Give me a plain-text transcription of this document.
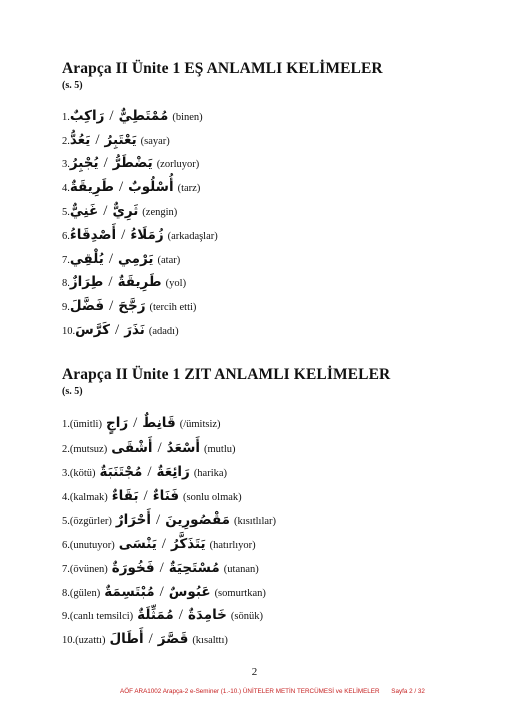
Arapça II Ünite 1 EŞ ANLAMLI KELİMELER
(s. 5)
1. رَاكِبٌ / مُمْتَطِيٌّ (binen)
2. يَعُدُّ / يَعْتَبِرُ (sayar)
3. يُجْبِرُ / يَضْطَرُّ (zorluyor)
4. طَرِيقَةٌ / أُسْلُوبٌ (tarz)
5. غَنِيٌّ / ثَرِيٌّ (zengin)
6. أَصْدِقَاءُ / زُمَلَاءُ (arkadaşlar)
7. يُلْقِي / يَرْمِي (atar)
8. طِرَازٌ / طَرِيقَةٌ (yol)
9. فَضَّلَ / رَجَّحَ (tercih etti)
10. كَرَّسَ / نَذَرَ (adadı)
Arapça II Ünite 1 ZIT ANLAMLI KELİMELER
(s. 5)
1. (ümitli) رَاجٍ / قَانِطٌ (/ümitsiz)
2. (mutsuz) أَشْقَى / أَسْعَدُ (mutlu)
3. (kötü) مُجْتَنَبَةٌ / رَائِعَةٌ (harika)
4. (kalmak) بَقَاءٌ / فَنَاءٌ (sonlu olmak)
5. (özgürler) أَحْرَارٌ / مَقْصُورِينَ (kısıtlılar)
6. (unutuyor) يَنْسَى / يَتَذَكَّرُ (hatırlıyor)
7. (övünen) فَخُورَةٌ / مُسْتَحِيَةٌ (utanan)
8. (gülen) مُبْتَسِمَةٌ / عَبُوسٌ (somurtkan)
9. (canlı temsilci) مُمَثِّلَةٌ / خَامِدَةٌ (sönük)
10. (uzattı) أَطَالَ / قَصَّرَ (kısalttı)
2
AÖF ARA1002 Arapça-2 e-Seminer (1.-10.) ÜNİTELER METİN TERCÜMESİ ve KELİMELER Sayfa 2 / 32
